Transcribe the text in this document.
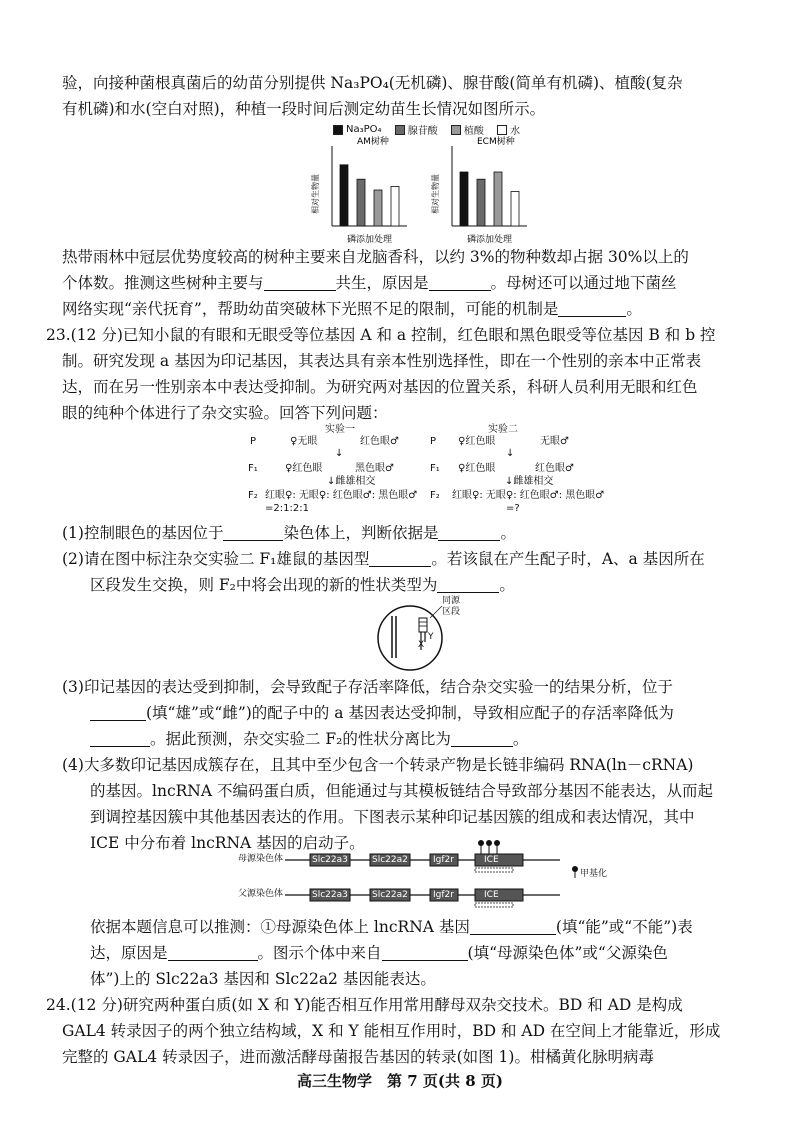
验，向接种菌根真菌后的幼苗分别提供 Na₃PO₄(无机磷)、腺苷酸(简单有机磷)、植酸(复杂
有机磷)和水(空白对照)，种植一段时间后测定幼苗生长情况如图所示。
Na₃PO₄
	腺苷酸
	植酸
	水
AM树种
相对生物量
磷添加处理
ECM树种
相对生物量
磷添加处理
热带雨林中冠层优势度较高的树种主要来自龙脑香科，以约 3%的物种数却占据 30%以上的
个体数。推测这些树种主要与	共生，原因是	。母树还可以通过地下菌丝
网络实现“亲代抚育”，帮助幼苗突破林下光照不足的限制，可能的机制是	。
23.(12 分)已知小鼠的有眼和无眼受等位基因 A 和 a 控制，红色眼和黑色眼受等位基因 B 和 b 控
制。研究发现 a 基因为印记基因，其表达具有亲本性别选择性，即在一个性别的亲本中正常表
达，而在另一性别亲本中表达受抑制。为研究两对基因的位置关系，科研人员利用无眼和红色
眼的纯种个体进行了杂交实验。回答下列问题：
实验一
P	♀无眼	红色眼♂
↓
F₁	♀红色眼	黑色眼♂
↓雌雄相交
F₂ 红眼♀: 无眼♀: 红色眼♂: 黑色眼♂
=2:1:2:1
实验二
P ♀红色眼	无眼♂
↓
F₁ ♀红色眼	红色眼♂
↓雌雄相交
F₂ 红眼♀: 无眼♀: 红色眼♂: 黑色眼♂
=?
(1)控制眼色的基因位于	染色体上，判断依据是	。
(2)请在图中标注杂交实验二 F₁雄鼠的基因型	。若该鼠在产生配子时，A、a 基因所在
区段发生交换，则 F₂中将会出现的新的性状类型为	。
同源
区段
Y
X
(3)印记基因的表达受到抑制，会导致配子存活率降低，结合杂交实验一的结果分析，位于
(填“雄”或“雌”)的配子中的 a 基因表达受抑制，导致相应配子的存活率降低为
。据此预测，杂交实验二 F₂的性状分离比为	。
(4)大多数印记基因成簇存在，且其中至少包含一个转录产物是长链非编码 RNA(ln－cRNA)
的基因。lncRNA 不编码蛋白质，但能通过与其模板链结合导致部分基因不能表达，从而起
到调控基因簇中其他基因表达的作用。下图表示某种印记基因簇的组成和表达情况，其中
ICE 中分布着 lncRNA 基因的启动子。
母源染色体
父源染色体
Slc22a3	Slc22a2	Igf2r	ICE
Slc22a3	Slc22a2	Igf2r	ICE
甲基化
依据本题信息可以推测：①母源染色体上 lncRNA 基因	(填“能”或“不能”)表
达，原因是	。图示个体中来自	(填“母源染色体”或“父源染色
体”)上的 Slc22a3 基因和 Slc22a2 基因能表达。
24.(12 分)研究两种蛋白质(如 X 和 Y)能否相互作用常用酵母双杂交技术。BD 和 AD 是构成
GAL4 转录因子的两个独立结构域，X 和 Y 能相互作用时，BD 和 AD 在空间上才能靠近，形成
完整的 GAL4 转录因子，进而激活酵母菌报告基因的转录(如图 1)。柑橘黄化脉明病毒
高三生物学　第 7 页(共 8 页)
